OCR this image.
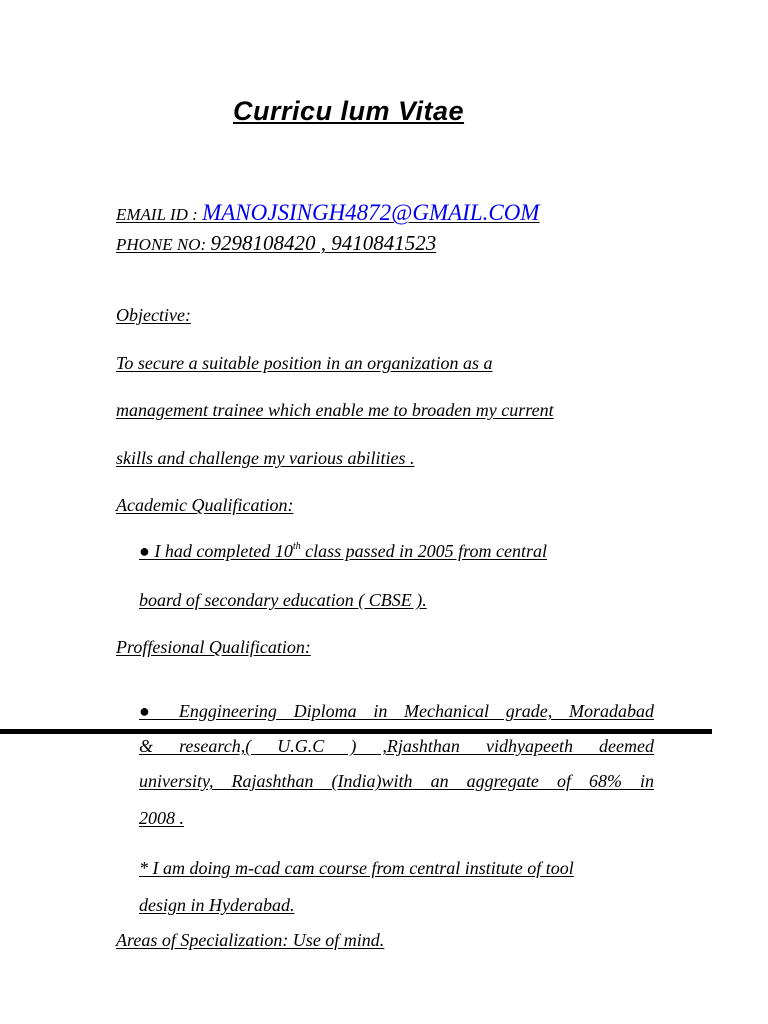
Curricu lum Vitae
EMAIL ID : MANOJSINGH4872@GMAIL.COM
PHONE NO: 9298108420 , 9410841523
Objective:
To secure a suitable position in an organization as a
management trainee which enable me to broaden my current
skills and challenge my various abilities .
Academic Qualification:
● I had completed 10th class passed in 2005 from central
board of secondary education ( CBSE ).
Proffesional Qualification:
● Enggineering Diploma in Mechanical grade, Moradabad
& research,( U.G.C ) ,Rjashthan vidhyapeeth deemed
university, Rajashthan (India)with an aggregate of 68% in
2008 .
* I am doing m-cad cam course from central institute of tool
design in Hyderabad.
Areas of Specialization: Use of mind.
